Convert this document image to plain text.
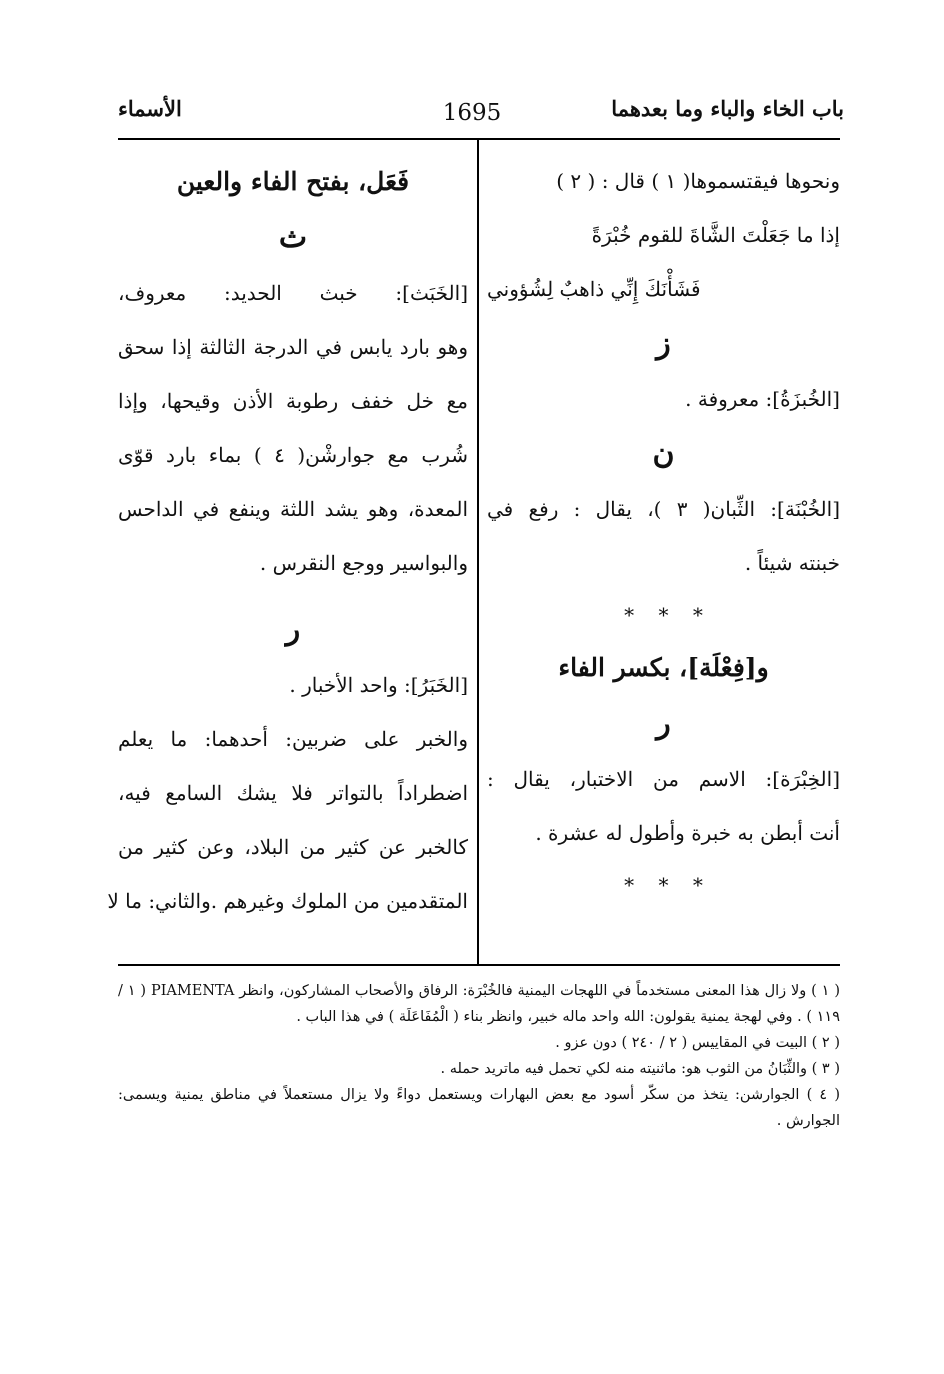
باب الخاء والباء وما بعدهما
1695
الأسماء
ونحوها فيقتسموها( ١ ) قال : ( ٢ )
إذا ما جَعَلْتَ الشَّاةَ للقوم خُبْرَةً
فَشَأْنَكَ إِنِّي ذاهبٌ لِشُؤوني
ز
[الخُبزَةُ]: معروفة .
ن
[الخُبْنَة]: الثِّبان( ٣ )، يقال : رفع في
خبنته شيئاً .
* * *
و[فِعْلَة]، بكسر الفاء
ر
[الخِبْرَة]: الاسم من الاختبار، يقال :
أنت أبطن به خبرة وأطول له عشرة .
* * *
فَعَل، بفتح الفاء والعين
ث
[الخَبَث]: خبث الحديد: معروف،
وهو بارد يابس في الدرجة الثالثة إذا سحق
مع خل خفف رطوبة الأذن وقيحها، وإذا
شُرب مع جوارشْن( ٤ ) بماء بارد قوّى
المعدة، وهو يشد اللثة وينفع في الداحس
والبواسير ووجع النقرس .
ر
[الخَبَرُ]: واحد الأخبار .
والخبر على ضربين: أحدهما: ما يعلم
اضطراداً بالتواتر فلا يشك السامع فيه،
كالخبر عن كثير من البلاد، وعن كثير من
المتقدمين من الملوك وغيرهم .والثاني: ما لا
( ١ ) ولا زال هذا المعنى مستخدماً في اللهجات اليمنية فالخُبْرَة: الرفاق والأصحاب المشاركون، وانظر PIAMENTA ( ١ / ١١٩ ) . وفي لهجة يمنية يقولون: الله واحد ماله خبير، وانظر بناء ( الْمُفَاعَلَة ) في هذا الباب .
( ٢ ) البيت في المقاييس ( ٢ / ٢٤٠ ) دون عزو .
( ٣ ) والثِّبَانُ من الثوب هو: ماثنيته منه لكي تحمل فيه ماتريد حمله .
( ٤ ) الجوارشن: يتخذ من سكّر أسود مع بعض البهارات ويستعمل دواءً ولا يزال مستعملاً في مناطق يمنية ويسمى: الجوارش .
